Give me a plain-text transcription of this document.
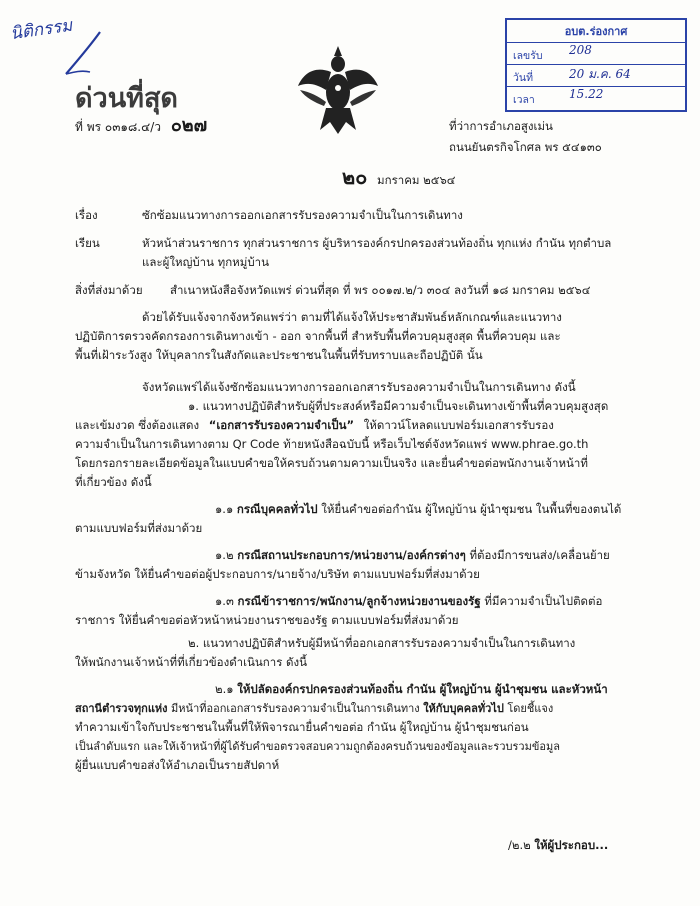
นิติกรรม	อบต.ร่องกาศ
เลขรับ 208
วันที่	20 ม.ค. 64
เวลา	15.22
ด่วนที่สุด
ที่ พร ๐๓๑๘.๔/ว ๐๒๗	ที่ว่าการอำเภอสูงเม่น
ถนนยันตรกิจโกศล พร ๕๔๑๓๐
๒๐ มกราคม ๒๕๖๔
เรื่อง	ซักซ้อมแนวทางการออกเอกสารรับรองความจำเป็นในการเดินทาง
เรียน	หัวหน้าส่วนราชการ ทุกส่วนราชการ ผู้บริหารองค์กรปกครองส่วนท้องถิ่น ทุกแห่ง กำนัน ทุกตำบล
และผู้ใหญ่บ้าน ทุกหมู่บ้าน
สิ่งที่ส่งมาด้วย สำเนาหนังสือจังหวัดแพร่ ด่วนที่สุด ที่ พร ๐๐๑๗.๒/ว ๓๐๔ ลงวันที่ ๑๘ มกราคม ๒๕๖๔
ด้วยได้รับแจ้งจากจังหวัดแพร่ว่า ตามที่ได้แจ้งให้ประชาสัมพันธ์หลักเกณฑ์และแนวทาง
ปฏิบัติการตรวจคัดกรองการเดินทางเข้า - ออก จากพื้นที่ สำหรับพื้นที่ควบคุมสูงสุด พื้นที่ควบคุม และ
พื้นที่เฝ้าระวังสูง ให้บุคลากรในสังกัดและประชาชนในพื้นที่รับทราบและถือปฏิบัติ นั้น
จังหวัดแพร่ได้แจ้งซักซ้อมแนวทางการออกเอกสารรับรองความจำเป็นในการเดินทาง ดังนี้
๑. แนวทางปฏิบัติสำหรับผู้ที่ประสงค์หรือมีความจำเป็นจะเดินทางเข้าพื้นที่ควบคุมสูงสุด
และเข้มงวด ซึ่งต้องแสดง “เอกสารรับรองความจำเป็น” ให้ดาวน์โหลดแบบฟอร์มเอกสารรับรอง
ความจำเป็นในการเดินทางตาม Qr Code ท้ายหนังสือฉบับนี้ หรือเว็บไซต์จังหวัดแพร่ www.phrae.go.th
โดยกรอกรายละเอียดข้อมูลในแบบคำขอให้ครบถ้วนตามความเป็นจริง และยื่นคำขอต่อพนักงานเจ้าหน้าที่
ที่เกี่ยวข้อง ดังนี้
๑.๑ กรณีบุคคลทั่วไป ให้ยื่นคำขอต่อกำนัน ผู้ใหญ่บ้าน ผู้นำชุมชน ในพื้นที่ของตนได้
ตามแบบฟอร์มที่ส่งมาด้วย
๑.๒ กรณีสถานประกอบการ/หน่วยงาน/องค์กรต่างๆ ที่ต้องมีการขนส่ง/เคลื่อนย้าย
ข้ามจังหวัด ให้ยื่นคำขอต่อผู้ประกอบการ/นายจ้าง/บริษัท ตามแบบฟอร์มที่ส่งมาด้วย
๑.๓ กรณีข้าราชการ/พนักงาน/ลูกจ้างหน่วยงานของรัฐ ที่มีความจำเป็นไปติดต่อ
ราชการ ให้ยื่นคำขอต่อหัวหน้าหน่วยงานราชของรัฐ ตามแบบฟอร์มที่ส่งมาด้วย
๒. แนวทางปฏิบัติสำหรับผู้มีหน้าที่ออกเอกสารรับรองความจำเป็นในการเดินทาง
ให้พนักงานเจ้าหน้าที่ที่เกี่ยวข้องดำเนินการ ดังนี้
๒.๑ ให้ปลัดองค์กรปกครองส่วนท้องถิ่น กำนัน ผู้ใหญ่บ้าน ผู้นำชุมชน และหัวหน้า
สถานีตำรวจทุกแห่ง มีหน้าที่ออกเอกสารรับรองความจำเป็นในการเดินทาง ให้กับบุคคลทั่วไป โดยชี้แจง
ทำความเข้าใจกับประชาชนในพื้นที่ให้พิจารณายื่นคำขอต่อ กำนัน ผู้ใหญ่บ้าน ผู้นำชุมชนก่อน
เป็นลำดับแรก และให้เจ้าหน้าที่ผู้ได้รับคำขอตรวจสอบความถูกต้องครบถ้วนของข้อมูลและรวบรวมข้อมูล
ผู้ยื่นแบบคำขอส่งให้อำเภอเป็นรายสัปดาห์
/๒.๒ ให้ผู้ประกอบ...
